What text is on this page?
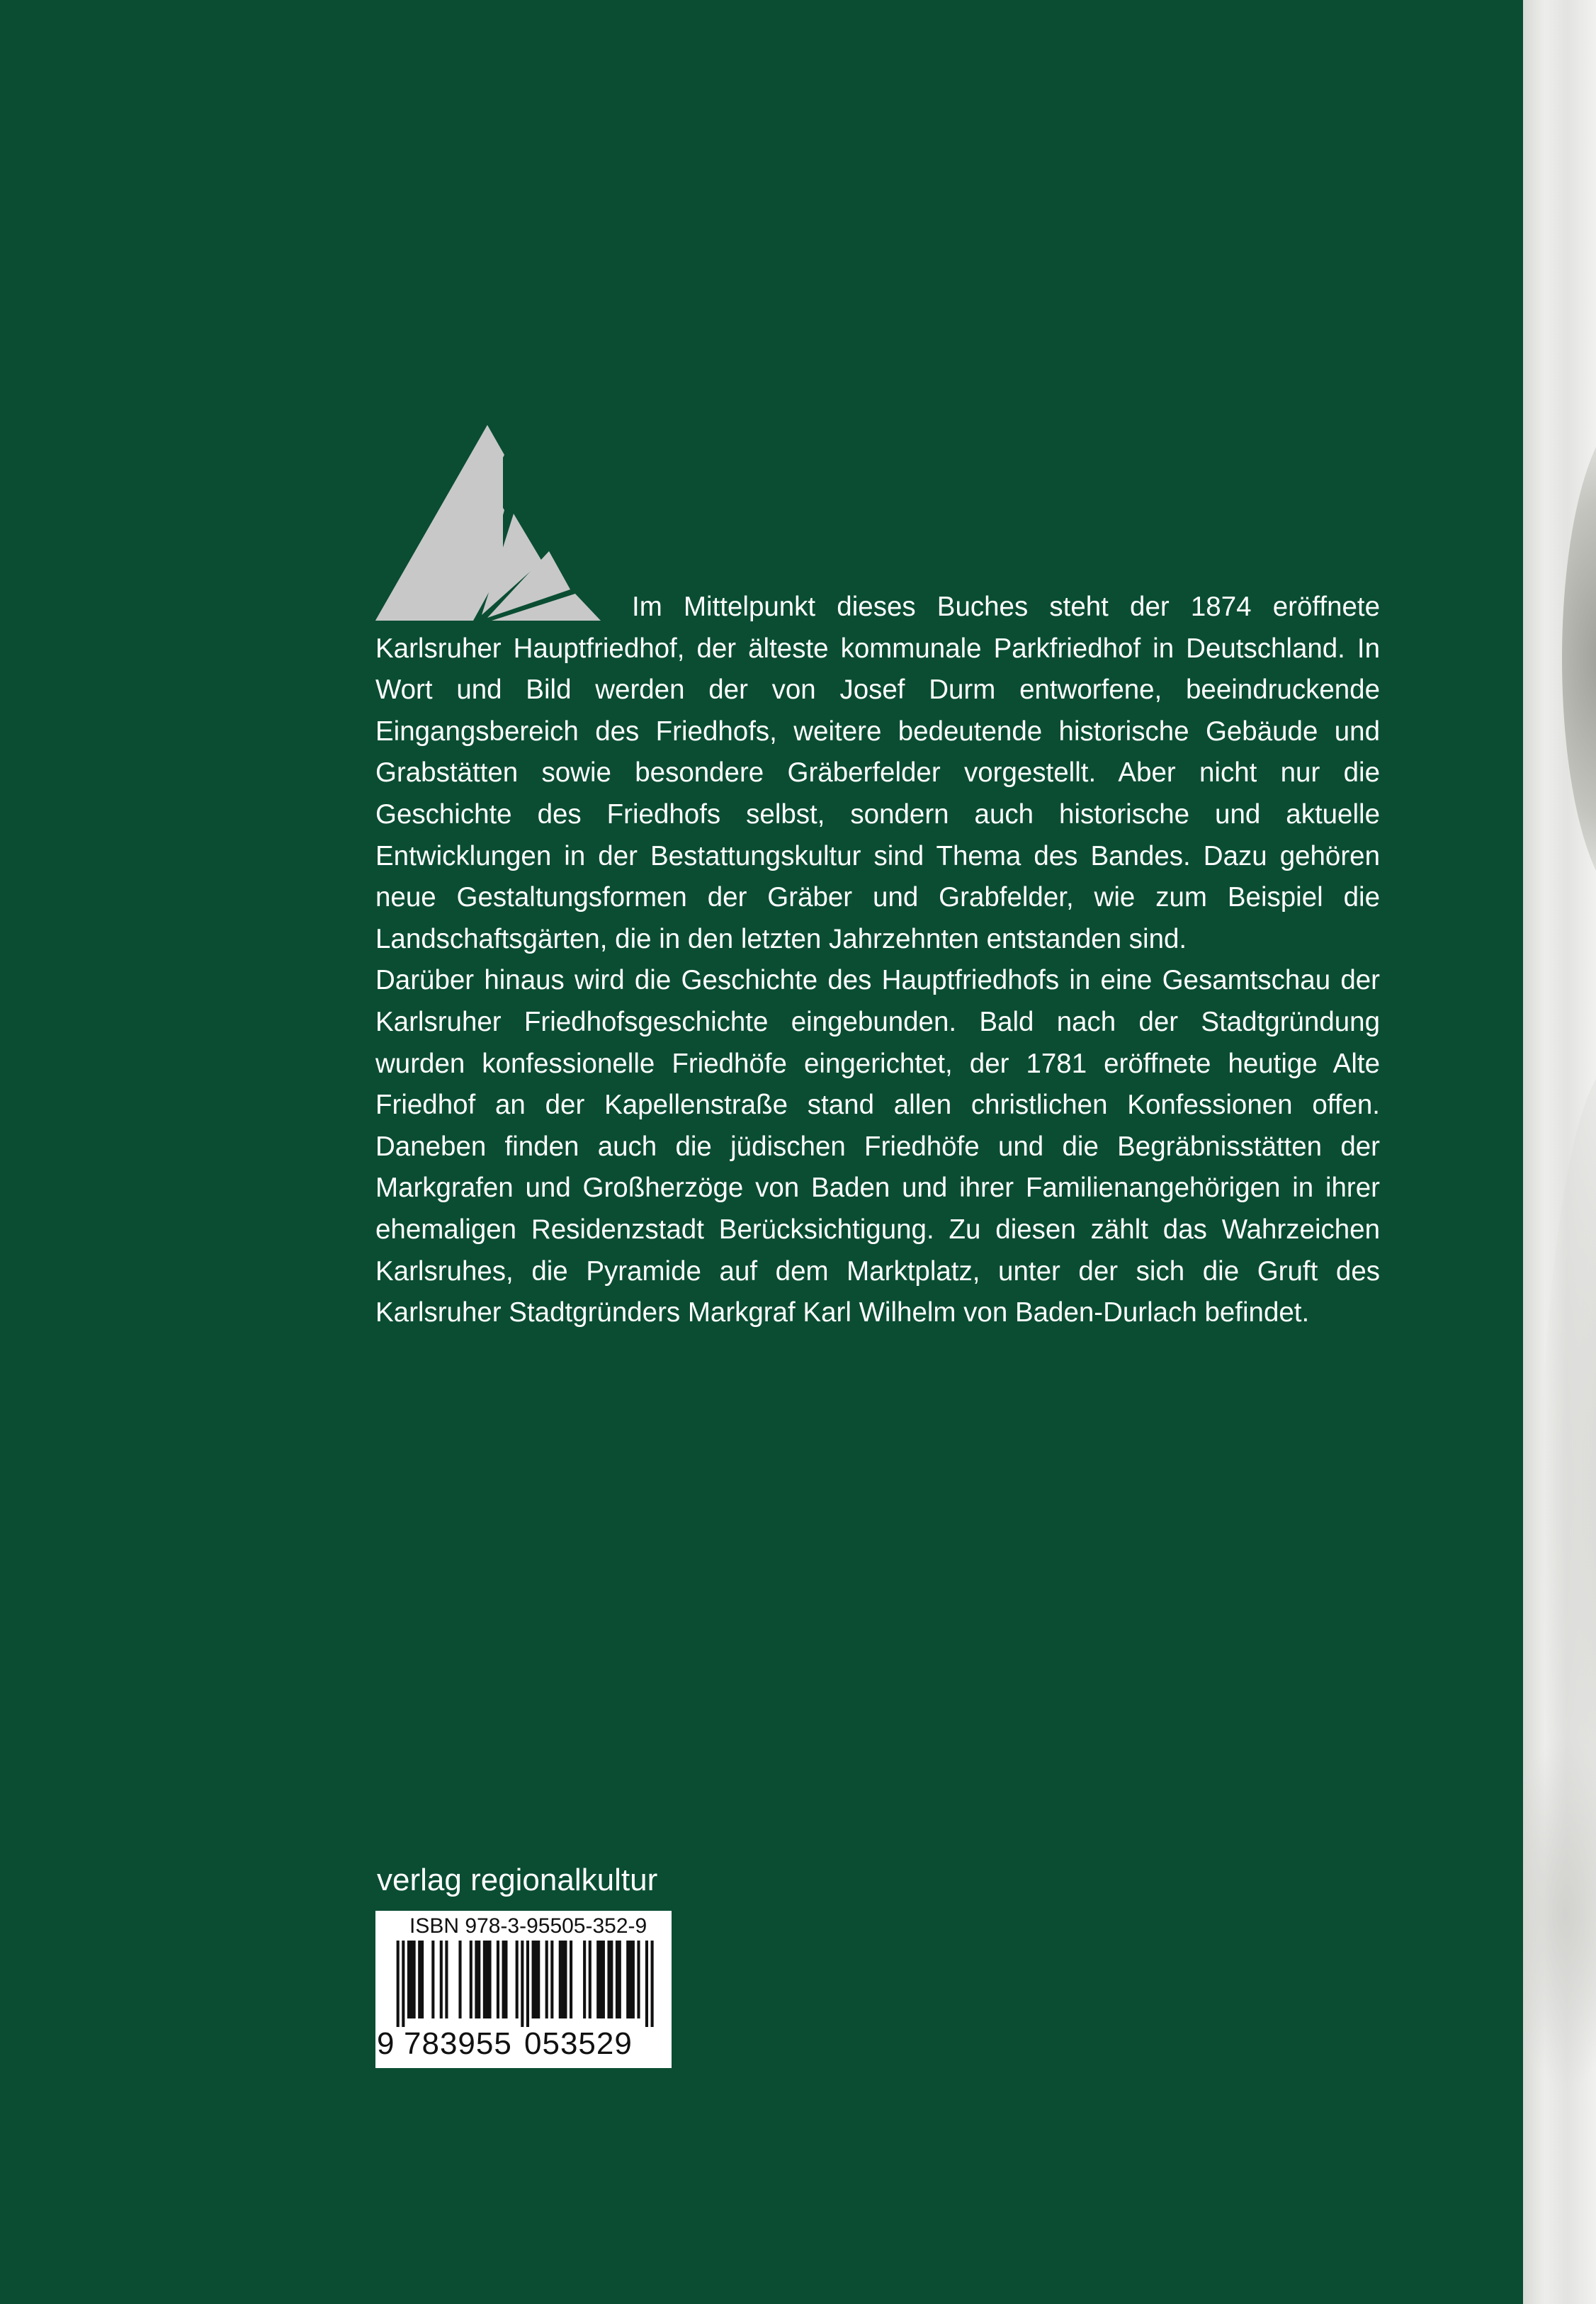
Im Mittelpunkt dieses Buches steht der 1874 eröffnete Karlsruher Hauptfriedhof, der älteste kommunale Parkfriedhof in Deutschland. In Wort und Bild werden der von Josef Durm entworfene, beeindruckende Eingangsbereich des Friedhofs, weitere bedeutende historische Gebäude und Grabstätten sowie besondere Gräberfelder vorgestellt. Aber nicht nur die Geschichte des Friedhofs selbst, sondern auch historische und aktuelle Entwicklungen in der Bestattungskultur sind Thema des Bandes. Dazu gehören neue Gestaltungsformen der Gräber und Grabfelder, wie zum Beispiel die Landschaftsgärten, die in den letzten Jahrzehnten entstanden sind.

Darüber hinaus wird die Geschichte des Hauptfriedhofs in eine Gesamtschau der Karlsruher Friedhofsgeschichte eingebunden. Bald nach der Stadtgründung wurden konfessionelle Friedhöfe eingerichtet, der 1781 eröffnete heutige Alte Friedhof an der Kapellenstraße stand allen christlichen Konfessionen offen. Daneben finden auch die jüdischen Friedhöfe und die Begräbnisstätten der Markgrafen und Großherzöge von Baden und ihrer Familienangehörigen in ihrer ehemaligen Residenzstadt Berücksichtigung. Zu diesen zählt das Wahrzeichen Karlsruhes, die Pyramide auf dem Marktplatz, unter der sich die Gruft des Karlsruher Stadtgründers Markgraf Karl Wilhelm von Baden-Durlach befindet.

verlag regionalkultur
ISBN 978-3-95505-352-9
9 783955 053529
